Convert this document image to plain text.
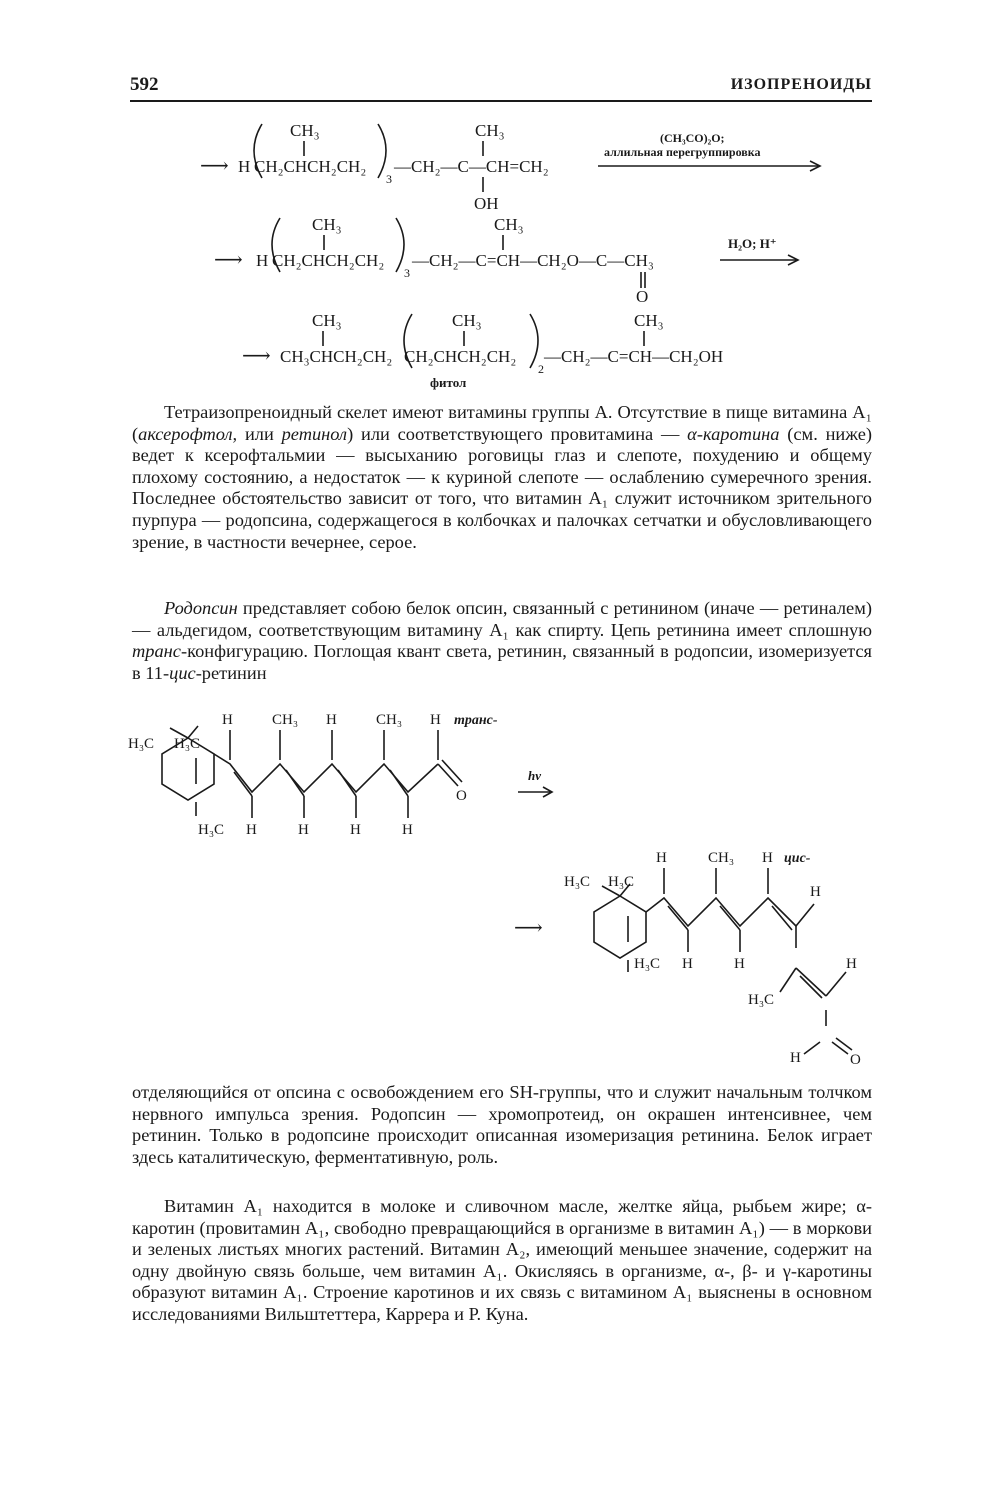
592	ИЗОПРЕНОИДЫ
⟶ H CH₂CHCH₂CH₂
3
CH₃
—CH₂—C—CH=CH₂
CH₃
OH
(CH₃CO)₂O;
аллильная перегруппировка
⟶ H CH₂CHCH₂CH₂
3
CH₃
—CH₂—C=CH—CH₂O—C—CH₃
CH₃
O
H₂O; H⁺
⟶ CH₃CHCH₂CH₂
CH₃
CH₂CHCH₂CH₂
2
CH₃
—CH₂—C=CH—CH₂OH
CH₃
фитол
H₃C H₃C
H₃C
O
H	CH₃ H	CH₃ H транс-
H	H	H	H
hν
⟶
H₃C H₃C
H₃C
H
H₃C
H
H	O
H	CH₃ H цис-
H	H

Тетраизопреноидный скелет имеют витамины группы А. Отсутствие в пище витамина A₁ (аксерофтол, или ретинол) или соответствующего провитамина — α-каротина (см. ниже) ведет к ксерофтальмии — высыханию роговицы глаз и слепоте, похудению и общему плохому состоянию, а недостаток — к куриной слепоте — ослаблению сумеречного зрения. Последнее обстоятельство зависит от того, что витамин A₁ служит источником зрительного пурпура — родопсина, содержащегося в колбочках и палочках сетчатки и обусловливающего зрение, в частности вечернее, серое.

Родопсин представляет собою белок опсин, связанный с ретинином (иначе — ретиналем) — альдегидом, соответствующим витамину A₁ как спирту. Цепь ретинина имеет сплошную транс-конфигурацию. Поглощая квант света, ретинин, связанный в родопсии, изомеризуется в 11-цис-ретинин

отделяющийся от опсина с освобождением его SH-группы, что и служит начальным толчком нервного импульса зрения. Родопсин — хромопротеид, он окрашен интенсивнее, чем ретинин. Только в родопсине происходит описанная изомеризация ретинина. Белок играет здесь каталитическую, ферментативную, роль.

Витамин A₁ находится в молоке и сливочном масле, желтке яйца, рыбьем жире; α-каротин (провитамин A₁, свободно превращающийся в организме в витамин A₁) — в моркови и зеленых листьях многих растений. Витамин A₂, имеющий меньшее значение, содержит на одну двойную связь больше, чем витамин A₁. Окисляясь в организме, α-, β- и γ-каротины образуют витамин A₁. Строение каротинов и их связь с витамином A₁ выяснены в основном исследованиями Вильштеттера, Каррера и Р. Куна.
